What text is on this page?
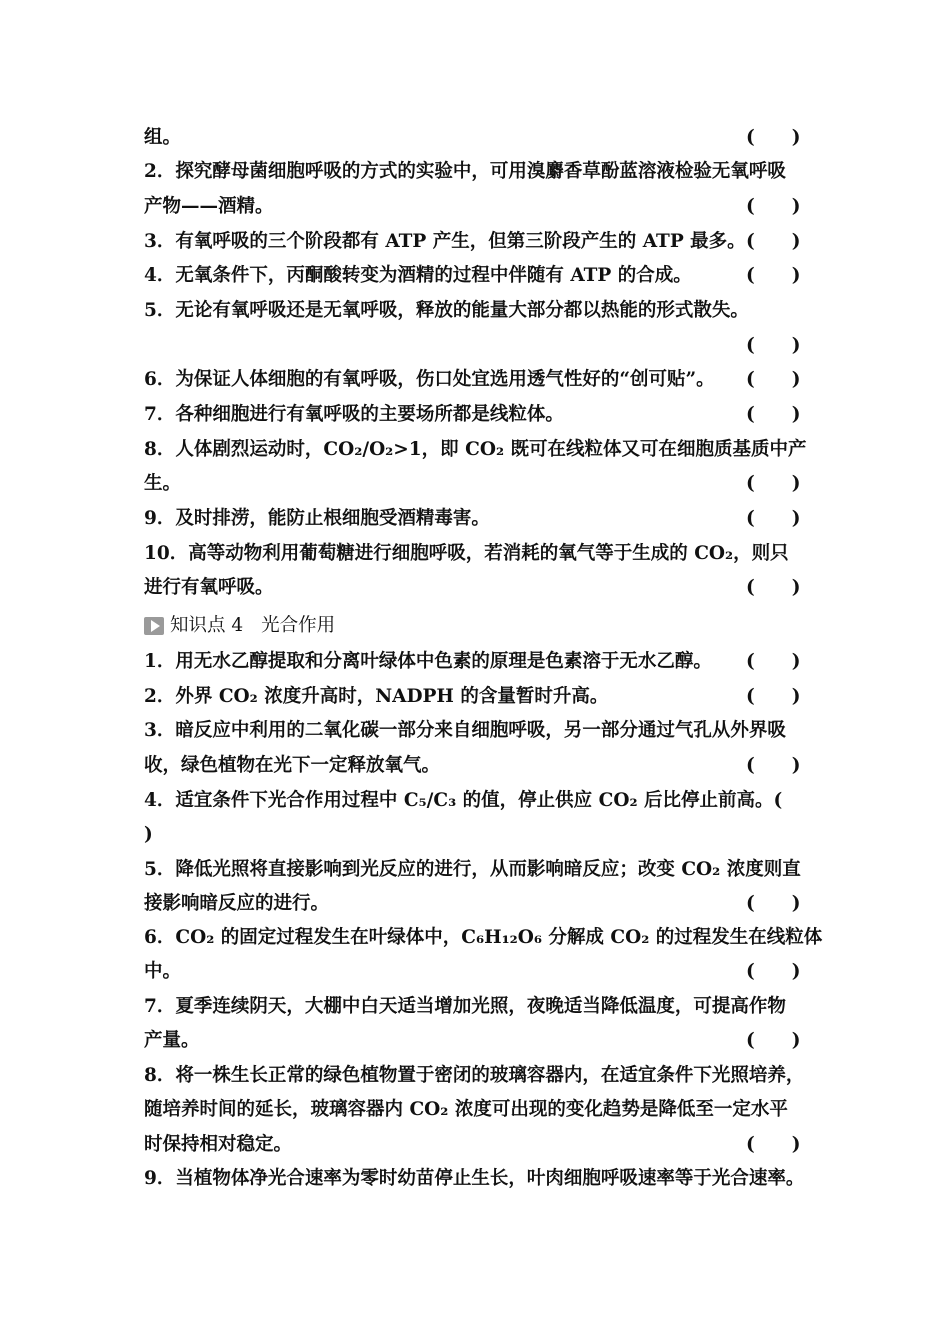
组。	(　　)
2．探究酵母菌细胞呼吸的方式的实验中，可用溴麝香草酚蓝溶液检验无氧呼吸
产物——酒精。	(　　)
3．有氧呼吸的三个阶段都有 ATP 产生，但第三阶段产生的 ATP 最多。 (　　)
4．无氧条件下，丙酮酸转变为酒精的过程中伴随有 ATP 的合成。	(　　)
5．无论有氧呼吸还是无氧呼吸，释放的能量大部分都以热能的形式散失。
(　　)
6．为保证人体细胞的有氧呼吸，伤口处宜选用透气性好的“创可贴”。	(　　)
7．各种细胞进行有氧呼吸的主要场所都是线粒体。	(　　)
8．人体剧烈运动时，CO₂/O₂>1，即 CO₂ 既可在线粒体又可在细胞质基质中产
生。	(　　)
9．及时排涝，能防止根细胞受酒精毒害。	(　　)
10．高等动物利用葡萄糖进行细胞呼吸，若消耗的氧气等于生成的 CO₂，则只
进行有氧呼吸。	(　　)
知识点 4 光合作用
1．用无水乙醇提取和分离叶绿体中色素的原理是色素溶于无水乙醇。	(　　)
2．外界 CO₂ 浓度升高时，NADPH 的含量暂时升高。	(　　)
3．暗反应中利用的二氧化碳一部分来自细胞呼吸，另一部分通过气孔从外界吸
收，绿色植物在光下一定释放氧气。	(　　)
4．适宜条件下光合作用过程中 C₅/C₃ 的值，停止供应 CO₂ 后比停止前高。(
)
5．降低光照将直接影响到光反应的进行，从而影响暗反应；改变 CO₂ 浓度则直
接影响暗反应的进行。	(　　)
6．CO₂ 的固定过程发生在叶绿体中，C₆H₁₂O₆ 分解成 CO₂ 的过程发生在线粒体
中。	(　　)
7．夏季连续阴天，大棚中白天适当增加光照，夜晚适当降低温度，可提高作物
产量。	(　　)
8．将一株生长正常的绿色植物置于密闭的玻璃容器内，在适宜条件下光照培养，
随培养时间的延长，玻璃容器内 CO₂ 浓度可出现的变化趋势是降低至一定水平
时保持相对稳定。	(　　)
9．当植物体净光合速率为零时幼苗停止生长，叶肉细胞呼吸速率等于光合速率。
